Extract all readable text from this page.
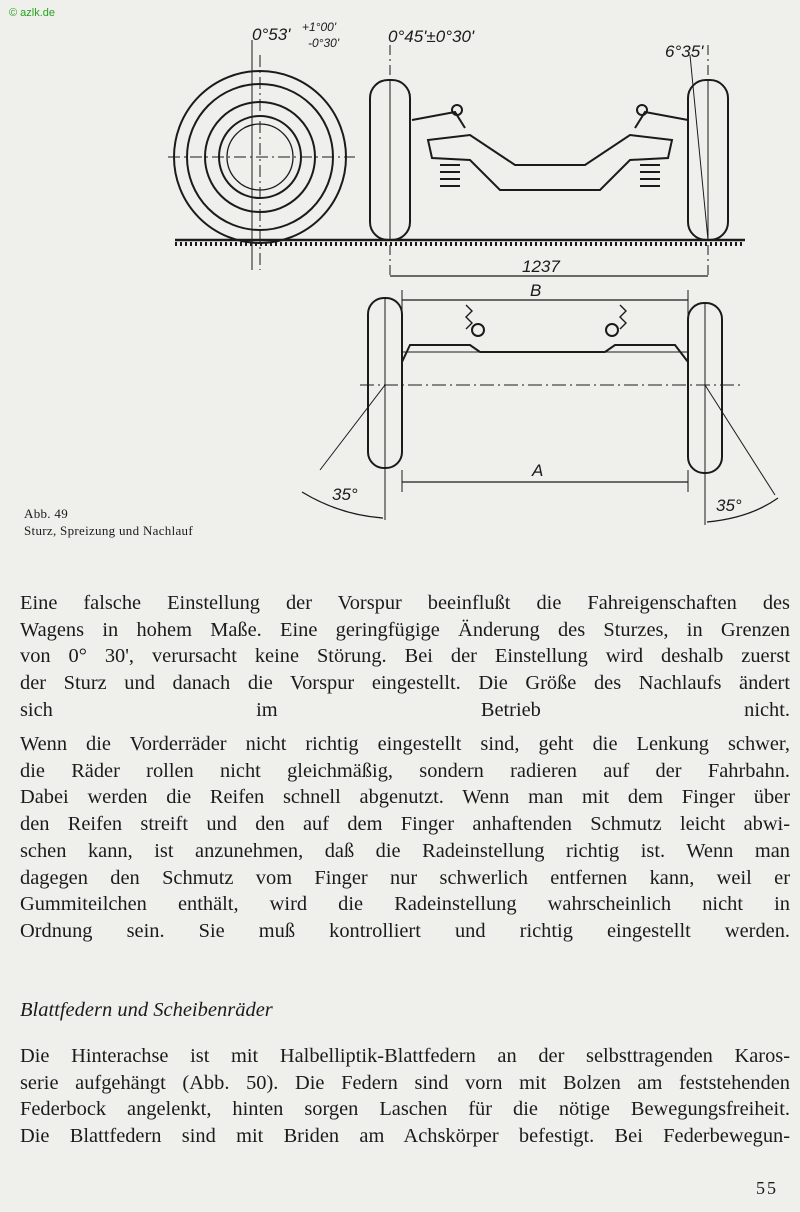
© azlk.de
0°53' +1°00'
-0°30'	0°45'±0°30'
6°35'
1237
B
A
35°
35°
Abb. 49
Sturz, Spreizung und Nachlauf
Eine falsche Einstellung der Vorspur beeinflußt die Fahreigenschaften des
Wagens in hohem Maße. Eine geringfügige Änderung des Sturzes, in Grenzen
von 0° 30', verursacht keine Störung. Bei der Einstellung wird deshalb zuerst
der Sturz und danach die Vorspur eingestellt. Die Größe des Nachlaufs ändert
sich im Betrieb nicht.
Wenn die Vorderräder nicht richtig eingestellt sind, geht die Lenkung schwer,
die Räder rollen nicht gleichmäßig, sondern radieren auf der Fahrbahn.
Dabei werden die Reifen schnell abgenutzt. Wenn man mit dem Finger über
den Reifen streift und den auf dem Finger anhaftenden Schmutz leicht abwi-
schen kann, ist anzunehmen, daß die Radeinstellung richtig ist. Wenn man
dagegen den Schmutz vom Finger nur schwerlich entfernen kann, weil er
Gummiteilchen enthält, wird die Radeinstellung wahrscheinlich nicht in
Ordnung sein. Sie muß kontrolliert und richtig eingestellt werden.
Blattfedern und Scheibenräder
Die Hinterachse ist mit Halbelliptik-Blattfedern an der selbsttragenden Karos-
serie aufgehängt (Abb. 50). Die Federn sind vorn mit Bolzen am feststehenden
Federbock angelenkt, hinten sorgen Laschen für die nötige Bewegungsfreiheit.
Die Blattfedern sind mit Briden am Achskörper befestigt. Bei Federbewegun-
55
